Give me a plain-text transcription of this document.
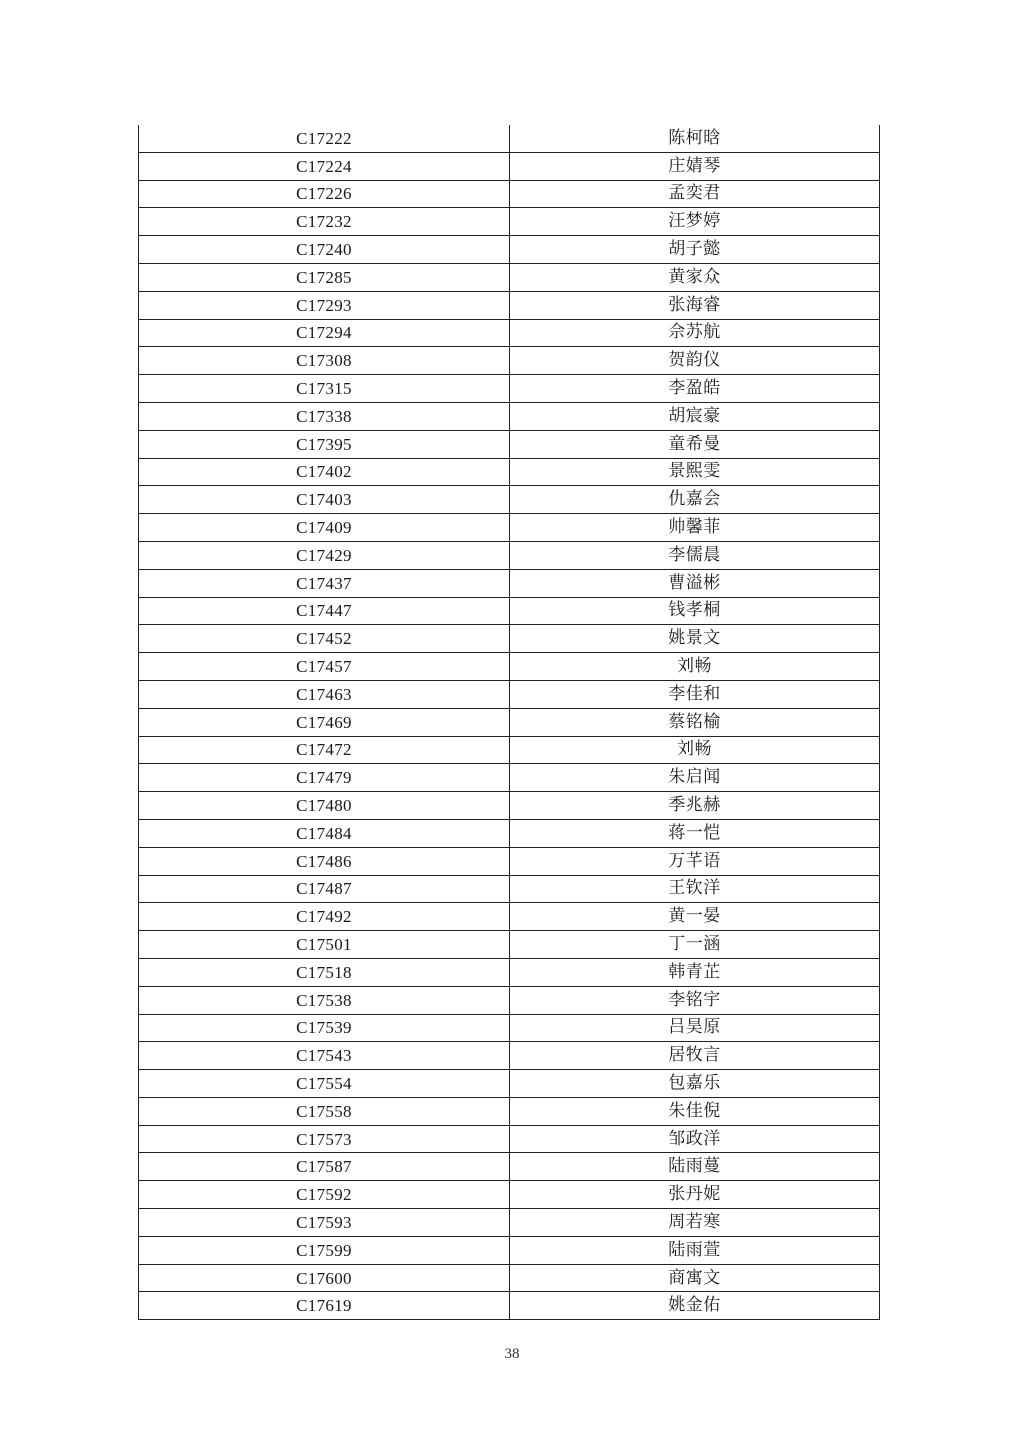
C17222	陈柯晗
C17224	庄婧琴
C17226	孟奕君
C17232	汪梦婷
C17240	胡子懿
C17285	黄家众
C17293	张海睿
C17294	佘苏航
C17308	贺韵仪
C17315	李盈皓
C17338	胡宸豪
C17395	童希曼
C17402	景熙雯
C17403	仇嘉会
C17409	帅馨菲
C17429	李儒晨
C17437	曹溢彬
C17447	钱孝桐
C17452	姚景文
C17457	刘畅
C17463	李佳和
C17469	蔡铭榆
C17472	刘畅
C17479	朱启闻
C17480	季兆赫
C17484	蒋一恺
C17486	万芊语
C17487	王钦洋
C17492	黄一晏
C17501	丁一涵
C17518	韩青芷
C17538	李铭宇
C17539	吕昊原
C17543	居牧言
C17554	包嘉乐
C17558	朱佳倪
C17573	邹政洋
C17587	陆雨蔓
C17592	张丹妮
C17593	周若寒
C17599	陆雨萱
C17600	商寓文
C17619	姚金佑
38
